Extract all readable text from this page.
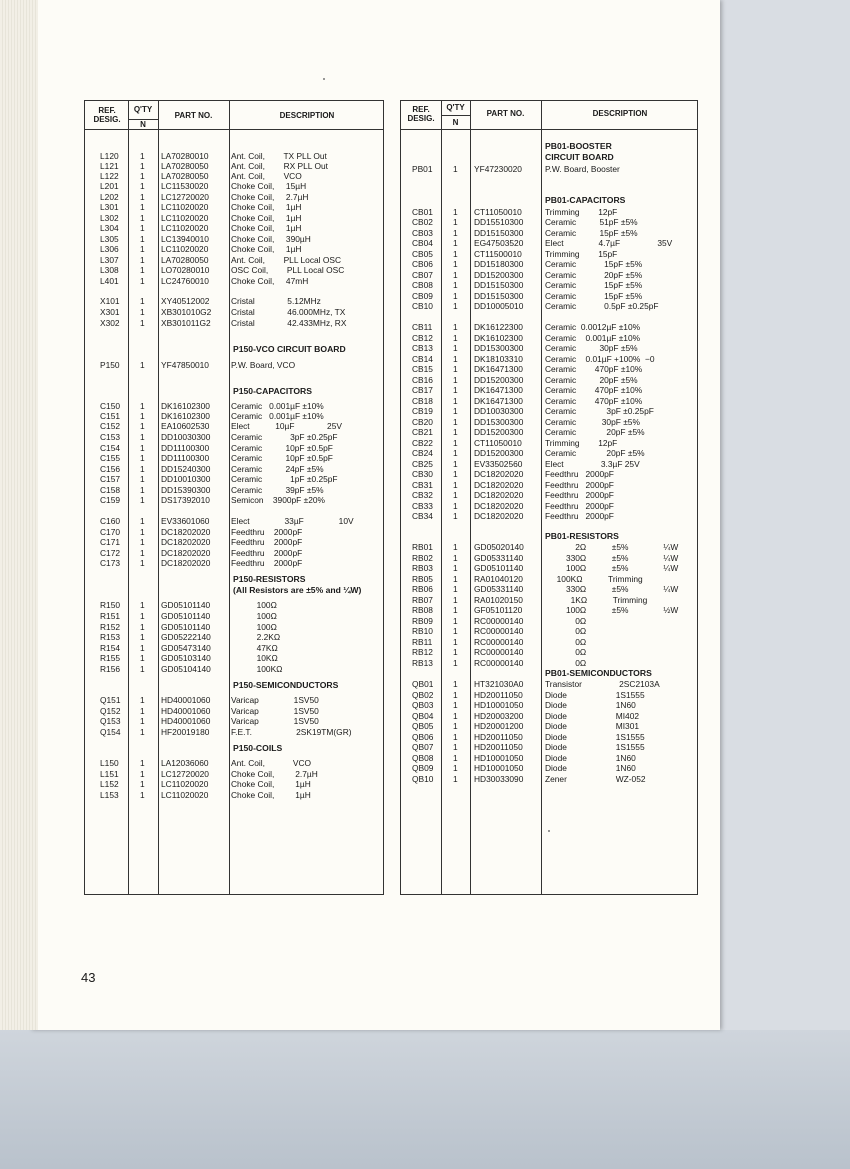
REF. DESIG.
Q'TY
N
PART NO.	DESCRIPTION
L120	1 LA70280010	Ant. Coil,        TX PLL Out
L121	1 LA70280050	Ant. Coil,        RX PLL Out
L122	1 LA70280050	Ant. Coil,        VCO
L201	1 LC11530020	Choke Coil,     15µH
L202	1 LC12720020	Choke Coil,     2.7µH
L301	1 LC11020020	Choke Coil,     1µH
L302	1 LC11020020	Choke Coil,     1µH
L304	1 LC11020020	Choke Coil,     1µH
L305	1 LC13940010	Choke Coil,     390µH
L306	1 LC11020020	Choke Coil,     1µH
L307	1 LA70280050	Ant. Coil,        PLL Local OSC
L308	1 LO70280010	OSC Coil,        PLL Local OSC
L401	1 LC24760010	Choke Coil,     47mH
X101 1 XY40512002	Cristal              5.12MHz
X301 1 XB301010G2 Cristal              46.000MHz, TX
X302 1 XB301011G2 Cristal              42.433MHz, RX
P150 1 YF47850010	P.W. Board, VCO
C150 1 DK16102300	Ceramic   0.001µF ±10%
C151 1 DK16102300	Ceramic   0.001µF ±10%
C152 1 EA10602530	Elect           10µF              25V
C153 1 DD10030300 Ceramic            3pF ±0.25pF
C154 1 DD11100300	Ceramic          10pF ±0.5pF
C155 1 DD11100300	Ceramic          10pF ±0.5pF
C156 1 DD15240300 Ceramic          24pF ±5%
C157 1 DD10010300 Ceramic            1pF ±0.25pF
C158 1 DD15390300 Ceramic          39pF ±5%
C159 1 DS17392010	Semicon    3900pF ±20%
C160 1 EV33601060	Elect               33µF               10V
C170 1 DC18202020 Feedthru    2000pF
C171 1 DC18202020 Feedthru    2000pF
C172 1 DC18202020 Feedthru    2000pF
C173 1 DC18202020 Feedthru    2000pF
R150 1 GD05101140 100Ω
R151 1 GD05101140 100Ω
R152 1 GD05101140 100Ω
R153 1 GD05222140 2.2KΩ
R154 1 GD05473140 47KΩ
R155 1 GD05103140 10KΩ
R156 1 GD05104140 100KΩ
Q151 1 HD40001060 Varicap               1SV50
Q152 1 HD40001060 Varicap               1SV50
Q153 1 HD40001060 Varicap               1SV50
Q154 1 HF20019180	F.E.T.                   2SK19TM(GR)
L150	1 LA12036060	Ant. Coil,            VCO
L151	1 LC12720020	Choke Coil,         2.7µH
L152	1 LC11020020	Choke Coil,         1µH
L153	1 LC11020020	Choke Coil,         1µH
P150-VCO CIRCUIT BOARD
P150-CAPACITORS
P150-RESISTORS
(All Resistors are ±5% and ¼W)
P150-SEMICONDUCTORS
P150-COILS
REF. DESIG.
Q'TY
N
PART NO.	DESCRIPTION
PB01 1 YF47230020	P.W. Board, Booster
CB01 1 CT11050010	Trimming        12pF
CB02 1 DD15510300	Ceramic          51pF ±5%
CB03 1 DD15150300	Ceramic          15pF ±5%
CB04 1 EG47503520	Elect               4.7µF                35V
CB05 1 CT11500010	Trimming        15pF
CB06 1 DD15180300	Ceramic            15pF ±5%
CB07 1 DD15200300	Ceramic            20pF ±5%
CB08 1 DD15150300	Ceramic            15pF ±5%
CB09 1 DD15150300	Ceramic            15pF ±5%
CB10 1 DD10005010	Ceramic            0.5pF ±0.25pF
CB11 1 DK16122300	Ceramic  0.0012µF ±10%
CB12 1 DK16102300	Ceramic    0.001µF ±10%
CB13 1 DD15300300	Ceramic          30pF ±5%
CB14 1 DK18103310	Ceramic    0.01µF +100%  −0
CB15 1 DK16471300	Ceramic        470pF ±10%
CB16 1 DD15200300	Ceramic          20pF ±5%
CB17 1 DK16471300	Ceramic        470pF ±10%
CB18 1 DK16471300	Ceramic        470pF ±10%
CB19 1 DD10030300	Ceramic             3pF ±0.25pF
CB20 1 DD15300300	Ceramic           30pF ±5%
CB21 1 DD15200300	Ceramic             20pF ±5%
CB22 1 CT11050010	Trimming        12pF
CB24 1 DD15200300	Ceramic             20pF ±5%
CB25 1 EV33502560	Elect                3.3µF 25V
CB30 1 DC18202020	Feedthru   2000pF
CB31 1 DC18202020	Feedthru   2000pF
CB32 1 DC18202020	Feedthru   2000pF
CB33 1 DC18202020	Feedthru   2000pF
CB34 1 DC18202020	Feedthru   2000pF
RB01 1 GD05020140	2Ω           ±5%               ¼W
RB02 1 GD05331140	330Ω           ±5%               ¼W
RB03 1 GD05101140	100Ω           ±5%               ¼W
RB05 1 RA01040120	100KΩ           Trimming
RB06 1 GD05331140	330Ω           ±5%               ¼W
RB07 1 RA01020150	1KΩ           Trimming
RB08 1 GF05101120	100Ω           ±5%               ½W
RB09 1 RC00000140	0Ω
RB10 1 RC00000140	0Ω
RB11 1 RC00000140	0Ω
RB12 1 RC00000140	0Ω
RB13 1 RC00000140	0Ω
QB01 1 HT321030A0	Transistor                2SC2103A
QB02 1 HD20011050	Diode                     1S1555
QB03 1 HD10001050	Diode                     1N60
QB04 1 HD20003200	Diode                     MI402
QB05 1 HD20001200	Diode                     MI301
QB06 1 HD20011050	Diode                     1S1555
QB07 1 HD20011050	Diode                     1S1555
QB08 1 HD10001050	Diode                     1N60
QB09 1 HD10001050	Diode                     1N60
QB10 1 HD30033090	Zener                     WZ-052
PB01-BOOSTER
CIRCUIT BOARD
PB01-CAPACITORS
PB01-RESISTORS
PB01-SEMICONDUCTORS
43
